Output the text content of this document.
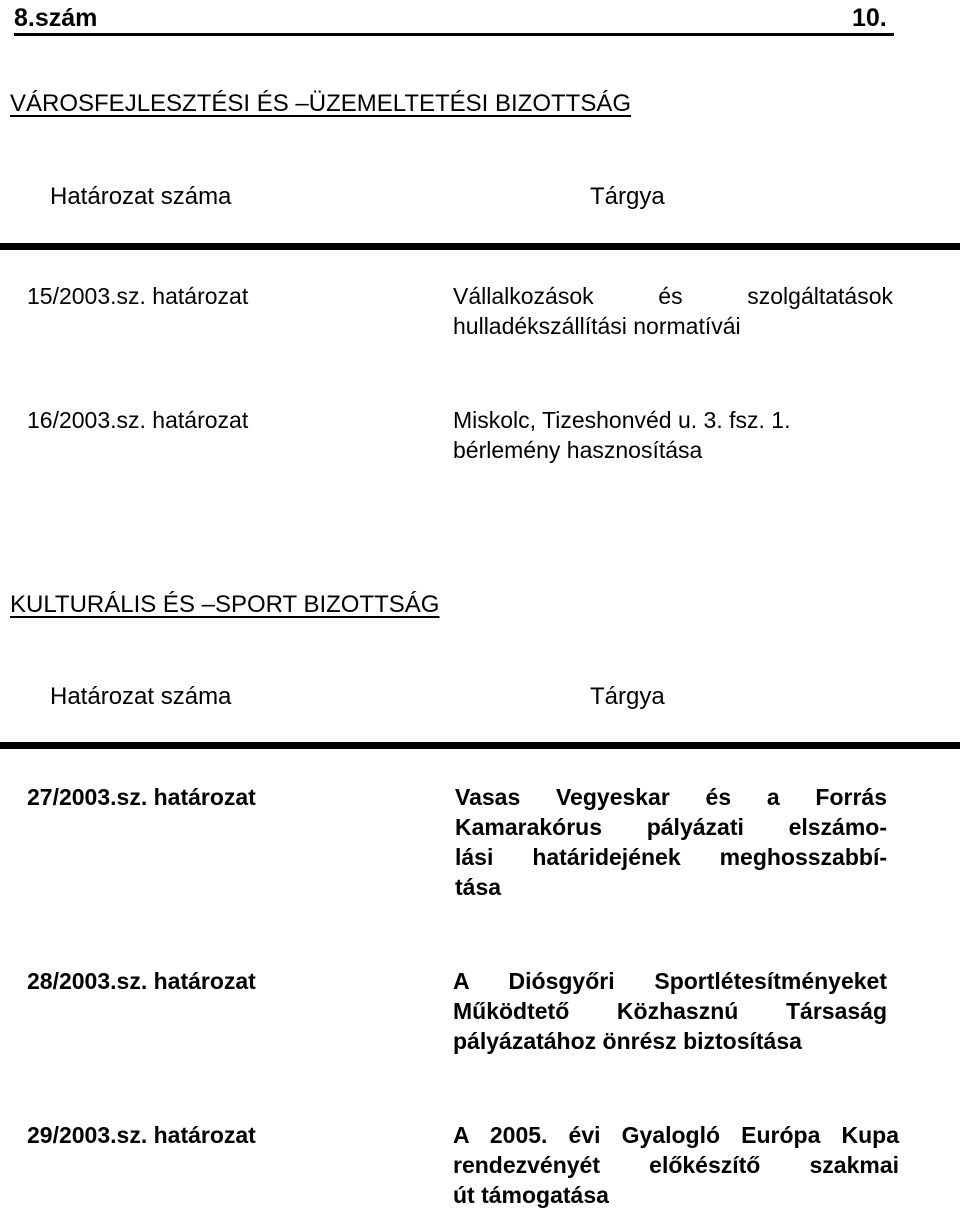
8.szám	10.
VÁROSFEJLESZTÉSI ÉS –ÜZEMELTETÉSI BIZOTTSÁG
Határozat száma	Tárgya
15/2003.sz. határozat	Vállalkozások és szolgáltatások
hulladékszállítási normatívái
16/2003.sz. határozat	Miskolc, Tizeshonvéd u. 3. fsz. 1.
bérlemény hasznosítása
KULTURÁLIS ÉS –SPORT BIZOTTSÁG
Határozat száma	Tárgya
27/2003.sz. határozat	Vasas Vegyeskar és a Forrás
Kamarakórus pályázati elszámo-
lási határidejének meghosszabbí-
tása
28/2003.sz. határozat	A Diósgyőri Sportlétesítményeket
Működtető Közhasznú Társaság
pályázatához önrész biztosítása
29/2003.sz. határozat	A 2005. évi Gyalogló Európa Kupa
rendezvényét előkészítő szakmai
út támogatása
